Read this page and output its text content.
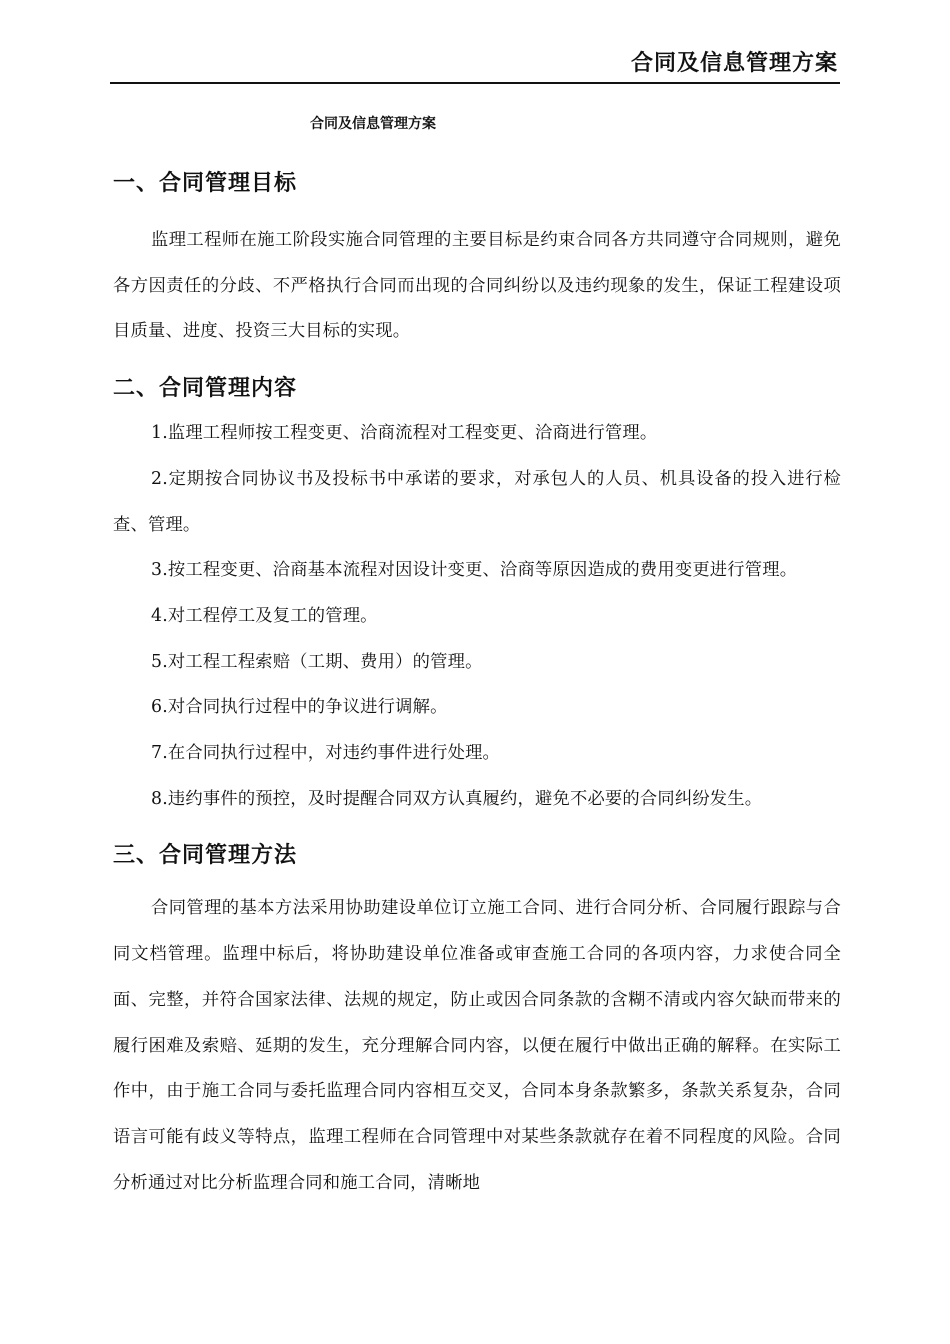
合同及信息管理方案
合同及信息管理方案
一、合同管理目标

监理工程师在施工阶段实施合同管理的主要目标是约束合同各方共同遵守合同规则，避免各方因责任的分歧、不严格执行合同而出现的合同纠纷以及违约现象的发生，保证工程建设项目质量、进度、投资三大目标的实现。

二、合同管理内容

1.监理工程师按工程变更、洽商流程对工程变更、洽商进行管理。

2.定期按合同协议书及投标书中承诺的要求，对承包人的人员、机具设备的投入进行检查、管理。

3.按工程变更、洽商基本流程对因设计变更、洽商等原因造成的费用变更进行管理。

4.对工程停工及复工的管理。

5.对工程工程索赔（工期、费用）的管理。

6.对合同执行过程中的争议进行调解。

7.在合同执行过程中，对违约事件进行处理。

8.违约事件的预控，及时提醒合同双方认真履约，避免不必要的合同纠纷发生。

三、合同管理方法

合同管理的基本方法采用协助建设单位订立施工合同、进行合同分析、合同履行跟踪与合同文档管理。监理中标后，将协助建设单位准备或审查施工合同的各项内容，力求使合同全面、完整，并符合国家法律、法规的规定，防止或因合同条款的含糊不清或内容欠缺而带来的履行困难及索赔、延期的发生，充分理解合同内容，以便在履行中做出正确的解释。在实际工作中，由于施工合同与委托监理合同内容相互交叉，合同本身条款繁多，条款关系复杂，合同语言可能有歧义等特点，监理工程师在合同管理中对某些条款就存在着不同程度的风险。合同分析通过对比分析监理合同和施工合同，清晰地
